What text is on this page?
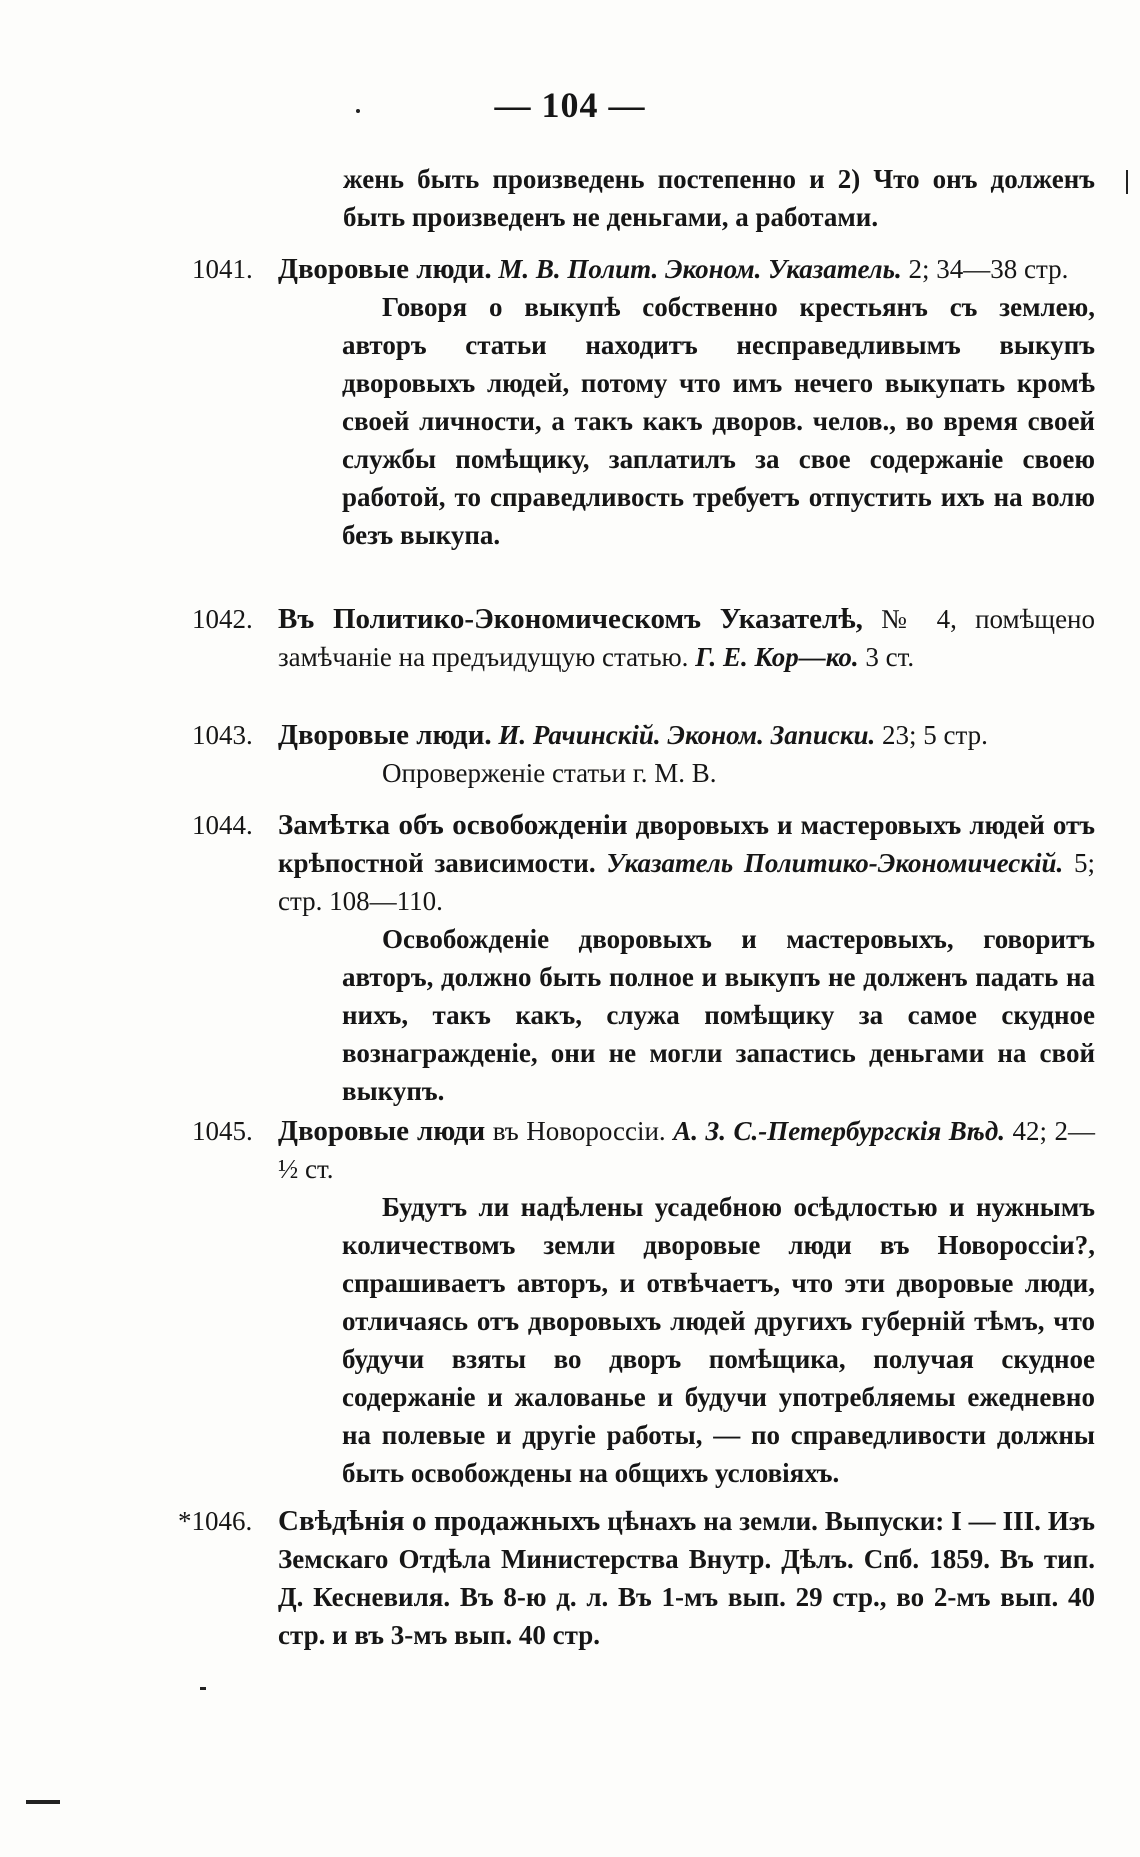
— 104 —
жень быть произведень постепенно и 2) Что онъ долженъ быть произведенъ не деньгами, а работами.
1041. Дворовые люди. М. В. Полит. Эконом. Указатель. 2; 34—38 стр.

Говоря о выкупѣ собственно крестьянъ съ землею, авторъ статьи находитъ несправедливымъ выкупъ дворовыхъ людей, потому что имъ нечего выкупать кромѣ своей личности, а такъ какъ двоpов. челов., во время своей службы помѣщику, заплатилъ за свое содержаніе своею работой, то справедливость требуетъ отпустить ихъ на волю безъ выкупа.

1042. Въ Политико-Экономическомъ Указателѣ, № 4, помѣщено замѣчаніе на предъидущую статью. Г. Е. Кор—ко. 3 ст.
1043. Дворовые люди. И. Рачинскій. Эконом. Записки. 23; 5 стр.

Опроверженіе статьи г. М. В.

1044. Замѣтка объ освобожденіи дворовыхъ и мастеровыхъ людей отъ крѣпостной зависимости. Указатель Политико-Экономическій. 5; стр. 108—110.

Освобожденіе дворовыхъ и мастеровыхъ, говоритъ авторъ, должно быть полное и выкупъ не долженъ падать на нихъ, такъ какъ, служа помѣщику за самое скудное вознагражденіе, они не могли запастись деньгами на свой выкупъ.

1045. Дворовые люди въ Новороссіи. А. З. С.-Петербургскія Вѣд. 42; 2—½ ст.

Будутъ ли надѣлены усадебною осѣдлостью и нужнымъ количествомъ земли дворовые люди въ Новороссіи?, спрашиваетъ авторъ, и отвѣчаетъ, что эти дворовые люди, отличаясь отъ дворовыхъ людей другихъ губерній тѣмъ, что будучи взяты во дворъ помѣщика, получая скудное содержаніе и жалованье и будучи употребляемы ежедневно на полевые и другіе работы, — по справедливости должны быть освобождены на общихъ условіяхъ.

*1046. Свѣдѣнія о продажныхъ цѣнахъ на земли. Выпуски: I — III. Изъ Земскаго Отдѣла Министерства Внутр. Дѣлъ. Спб. 1859. Въ тип. Д. Кеснeвиля. Въ 8-ю д. л. Въ 1-мъ вып. 29 стр., во 2-мъ вып. 40 стр. и въ 3-мъ вып. 40 стр.
